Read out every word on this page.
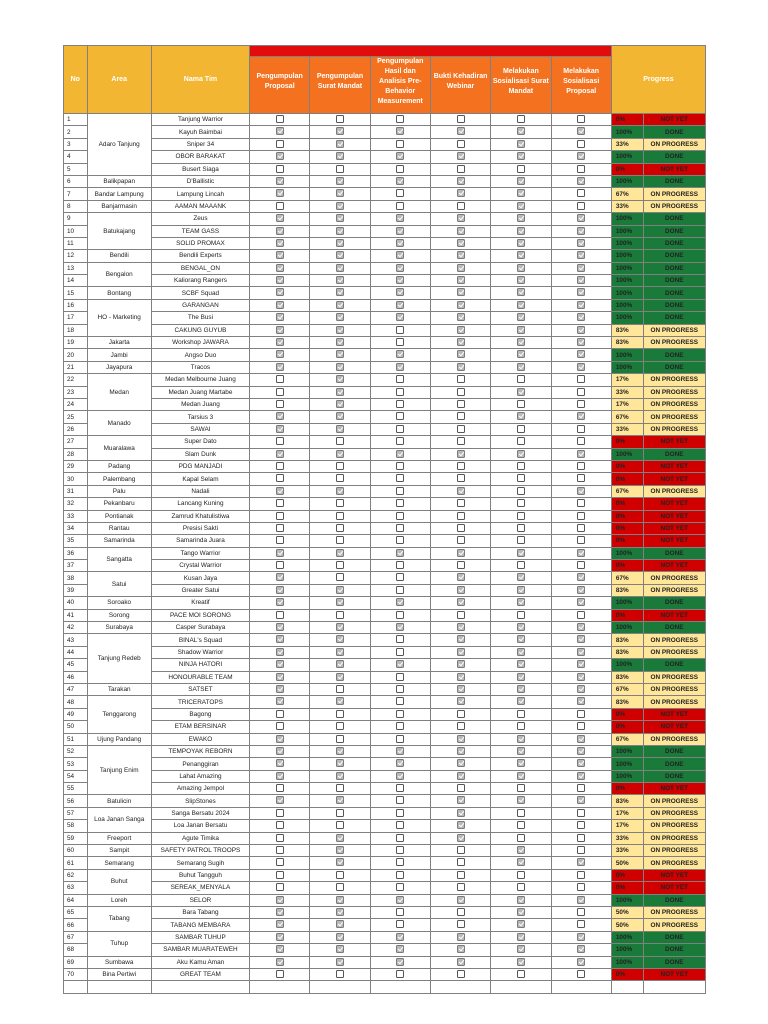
No	Area	Nama Tim							Progress	

			Pengumpulan Proposal	Pengumpulan Surat Mandat	Pengumpulan Hasil dan Analisis Pre-Behavior Measurement	Bukti Kehadiran Webinar	Melakukan Sosialisasi Surat Mandat	Melakukan Sosialisasi Proposal		

1	Adaro Tanjung	Tanjung Warrior							0%	NOT YET
2		Kayuh Baimbai							100%	DONE
3		Sniper 34							33%	ON PROGRESS
4		OBOR BARAKAT							100%	DONE
5		Busert Siaga							0%	NOT YET
6	Balikpapan	D'Ballistic							100%	DONE
7	Bandar Lampung	Lampung Lincah							67%	ON PROGRESS
8	Banjarmasin	AAMAN MAAANK							33%	ON PROGRESS
9	Batukajang	Zeus							100%	DONE
10		TEAM GASS							100%	DONE
11		SOLID PROMAX							100%	DONE
12	Bendili	Bendili Experts							100%	DONE
13	Bengalon	BENGAL_ON							100%	DONE
14		Kaliorang Rangers							100%	DONE
15	Bontang	SCBF Squad							100%	DONE
16	HO - Marketing	GARANGAN							100%	DONE
17		The Busi							100%	DONE
18		CAKUNG GUYUB							83%	ON PROGRESS
19	Jakarta	Workshop JAWARA							83%	ON PROGRESS
20	Jambi	Angso Duo							100%	DONE
21	Jayapura	Tracos							100%	DONE
22	Medan	Medan Melbourne Juang							17%	ON PROGRESS
23		Medan Juang Martabe							33%	ON PROGRESS
24		Medan Juang							17%	ON PROGRESS
25	Manado	Tarsius 3							67%	ON PROGRESS
26		SAWAI							33%	ON PROGRESS
27	Muaralawa	Super Dato							0%	NOT YET
28		Slam Dunk							100%	DONE
29	Padang	PDG MANJADI							0%	NOT YET
30	Palembang	Kapal Selam							0%	NOT YET
31	Palu	Nadali							67%	ON PROGRESS
32	Pekanbaru	Lancang Kuning							0%	NOT YET
33	Pontianak	Zamrud Khatulistiwa							0%	NOT YET
34	Rantau	Presisi Sakti							0%	NOT YET
35	Samarinda	Samarinda Juara							0%	NOT YET
36	Sangatta	Tango Warrior							100%	DONE
37		Crystal Warrior							0%	NOT YET
38	Satui	Kusan Jaya							67%	ON PROGRESS
39		Greater Satui							83%	ON PROGRESS
40	Soroako	Kreatif							100%	DONE
41	Sorong	PACE MOI SORONG							0%	NOT YET
42	Surabaya	Casper Surabaya							100%	DONE
43	Tanjung Redeb	BINAL's Squad							83%	ON PROGRESS
44		Shadow Warrior							83%	ON PROGRESS
45		NINJA HATORI							100%	DONE
46		HONOURABLE TEAM							83%	ON PROGRESS
47	Tarakan	SATSET							67%	ON PROGRESS
48	Tenggarong	TRICERATOPS							83%	ON PROGRESS
49		Bagong							0%	NOT YET
50		ETAM BERSINAR							0%	NOT YET
51	Ujung Pandang	EWAKO							67%	ON PROGRESS
52	Tanjung Enim	TEMPOYAK REBORN							100%	DONE
53		Penanggiran							100%	DONE
54		Lahat Amazing							100%	DONE
55		Amazing Jempol							0%	NOT YET
56	Batulicin	SlipStones							83%	ON PROGRESS
57	Loa Janan Sanga	Sanga Bersatu 2024							17%	ON PROGRESS
58		Loa Janan Bersatu							17%	ON PROGRESS
59	Freeport	Agute Timika							33%	ON PROGRESS
60	Sampit	SAFETY PATROL TROOPS							33%	ON PROGRESS
61	Semarang	Semarang Sugih							50%	ON PROGRESS
62	Buhut	Buhut Tangguh							0%	NOT YET
63		SEREAK_MENYALA							0%	NOT YET
64	Loreh	SELOR							100%	DONE
65	Tabang	Bara Tabang							50%	ON PROGRESS
66		TABANG MEMBARA							50%	ON PROGRESS
67	Tuhup	SAMBAR TUHUP							100%	DONE
68		SAMBAR MUARATEWEH							100%	DONE
69	Sumbawa	Aku Kamu Aman							100%	DONE
70	Bina Pertiwi	GREAT TEAM							0%	NOT YET
